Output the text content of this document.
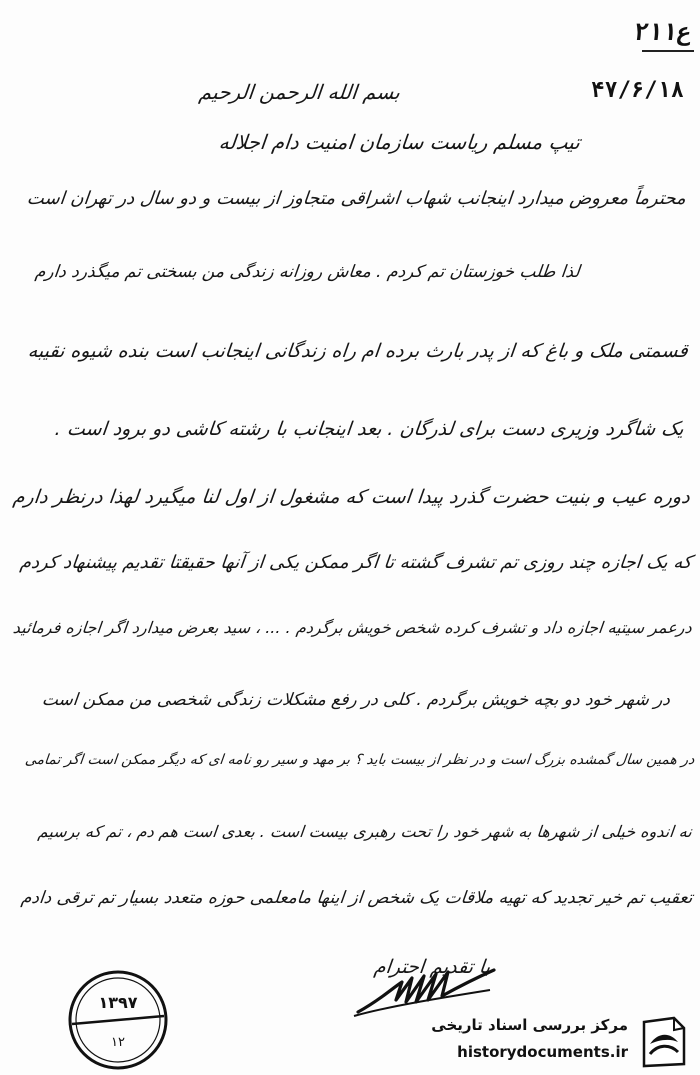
۲۱۱ع
۴۷/۶/۱۸
بسم الله الرحمن الرحیم
تیپ مسلم ریاست سازمان امنیت دام اجلاله
محترماً معروض میدارد اینجانب شهاب اشراقی متجاوز از بیست و دو سال در تهران است
لذا طلب خوزستان تم کردم . معاش روزانه زندگی من بسختی تم میگذرد دارم
قسمتی ملک و باغ که از پدر بارث برده ام راه زندگانی اینجانب است بنده شیوه نقیبه
یک شاگرد وزیری دست برای لذرگان . بعد اینجانب با رشته کاشی دو برود است .
دوره عیب و بنیت حضرت گذرد پیدا است که مشغول از اول لنا میگیرد لهذا درنظر دارم
که یک اجازه چند روزی تم تشرف گشته تا اگر ممکن یکی از آنها حقیقتا تقدیم پیشنهاد کردم
درعمر سیتیه اجازه داد و تشرف کرده شخص خویش برگردم . ... ، سید بعرض میدارد اگر اجازه فرمائید
در شهر خود دو بچه خویش برگردم . کلی در رفع مشکلات زندگی شخصی من ممکن است
در همین سال گمشده بزرگ است و در نظر از بیست باید ؟ بر مهد و سیر رو نامه ای که دیگر ممکن است اگر تمامی
نه اندوه خیلی از شهرها به شهر خود را تحت رهبری بیست است . بعدی است هم دم ، تم که برسیم
تعقیب تم خیر تجدید که تهیه ملاقات یک شخص از اینها مامعلمی حوزه متعدد بسیار تم ترقی دادم
با تقدیم احترام
۱۳۹۷
۱۲
مرکز بررسی اسناد تاریخی
historydocuments.ir
